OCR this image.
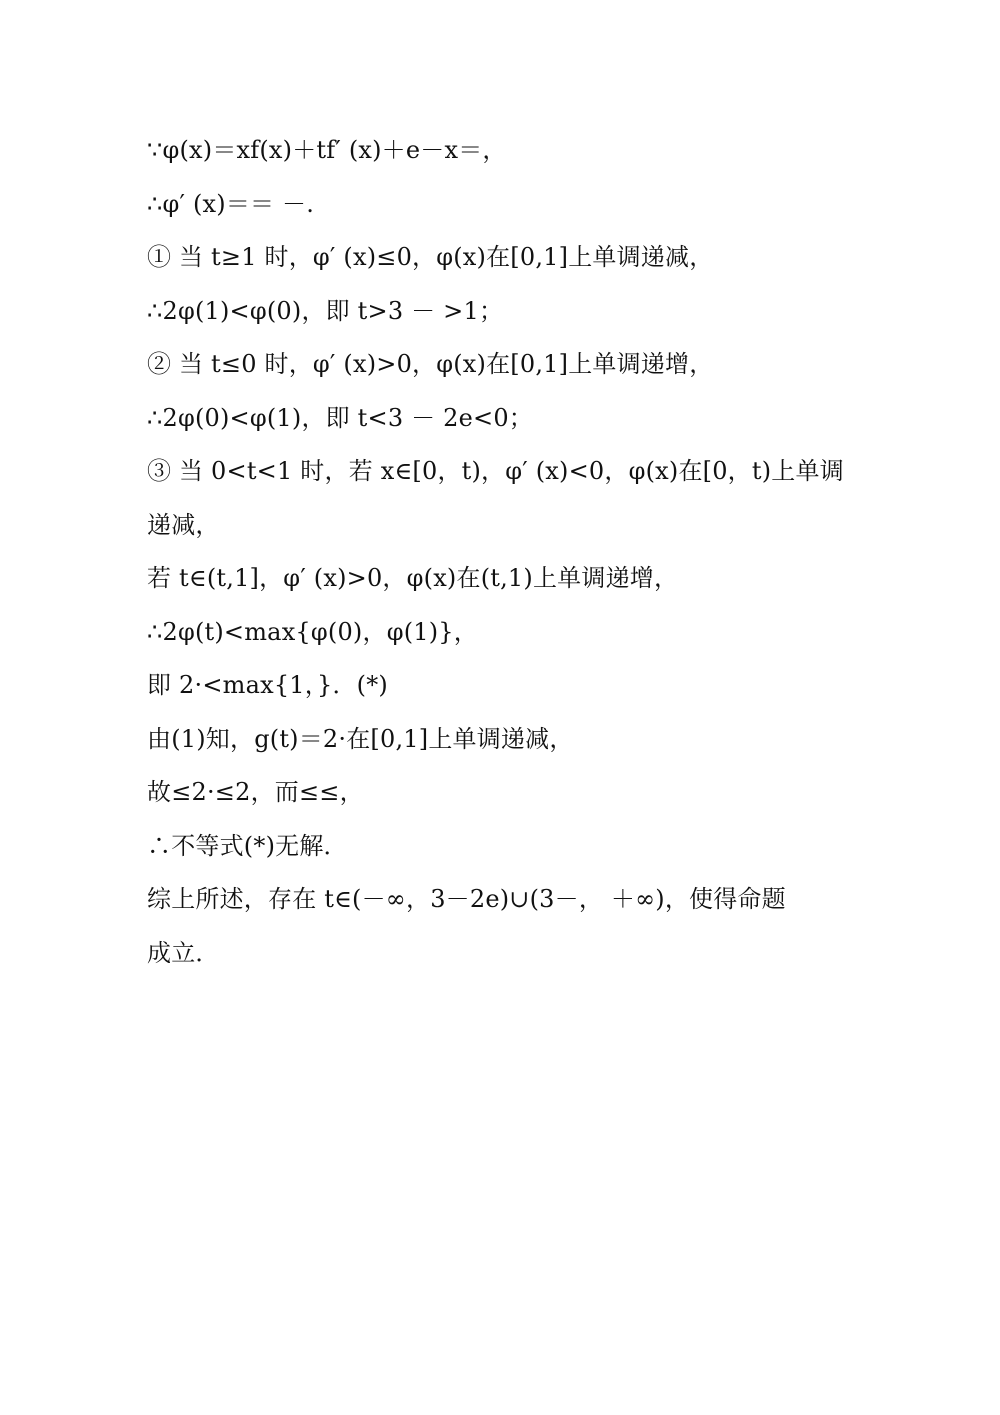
∵φ(x)＝xf(x)＋tf′ (x)＋e－x＝，
∴φ′ (x)＝＝ －.
① 当 t≥1 时，φ′ (x)≤0，φ(x)在[0,1]上单调递减，
∴2φ(1)<φ(0)，即 t>3 － >1；
② 当 t≤0 时，φ′ (x)>0，φ(x)在[0,1]上单调递增，
∴2φ(0)<φ(1)，即 t<3 － 2e<0；
③ 当 0<t<1 时，若 x∈[0，t)，φ′ (x)<0，φ(x)在[0，t)上单调
递减，
若 t∈(t,1]，φ′ (x)>0，φ(x)在(t,1)上单调递增，
∴2φ(t)<max{φ(0)，φ(1)}，
即 2·<max{1，}．(*)
由(1)知，g(t)＝2·在[0,1]上单调递减，
故≤2·≤2，而≤≤，
∴不等式(*)无解．
综上所述，存在 t∈(－∞，3－2e)∪(3－， ＋∞)，使得命题
成立．
